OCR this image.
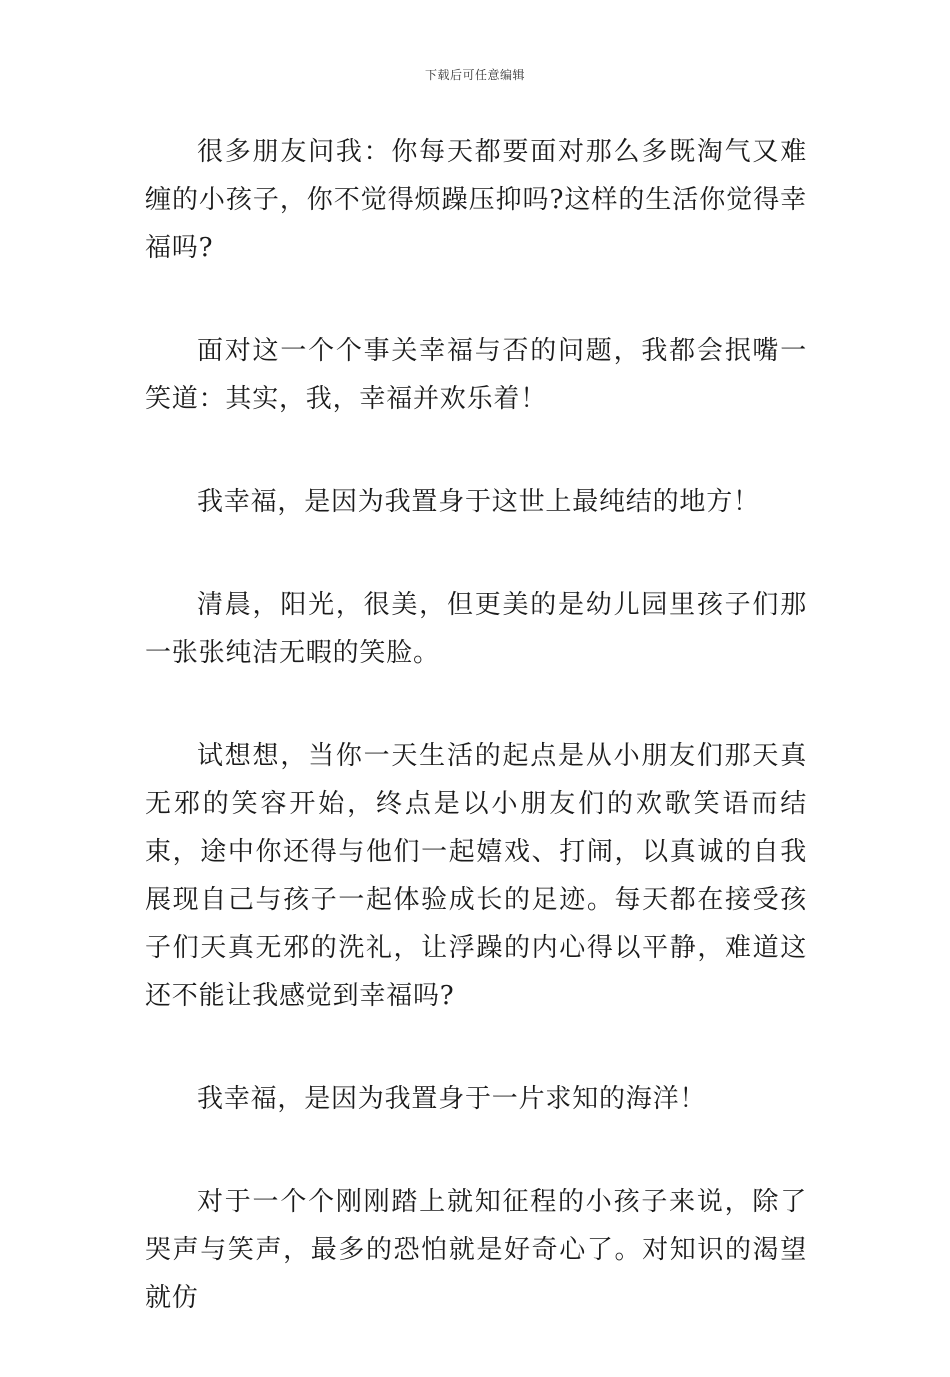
下载后可任意编辑

很多朋友问我：你每天都要面对那么多既淘气又难缠的小孩子，你不觉得烦躁压抑吗?这样的生活你觉得幸福吗?

面对这一个个事关幸福与否的问题，我都会抿嘴一笑道：其实，我，幸福并欢乐着！

我幸福，是因为我置身于这世上最纯结的地方！

清晨，阳光，很美，但更美的是幼儿园里孩子们那一张张纯洁无暇的笑脸。

试想想，当你一天生活的起点是从小朋友们那天真无邪的笑容开始，终点是以小朋友们的欢歌笑语而结束，途中你还得与他们一起嬉戏、打闹，以真诚的自我展现自己与孩子一起体验成长的足迹。每天都在接受孩子们天真无邪的洗礼，让浮躁的内心得以平静，难道这还不能让我感觉到幸福吗?

我幸福，是因为我置身于一片求知的海洋！

对于一个个刚刚踏上就知征程的小孩子来说，除了哭声与笑声，最多的恐怕就是好奇心了。对知识的渴望就仿
